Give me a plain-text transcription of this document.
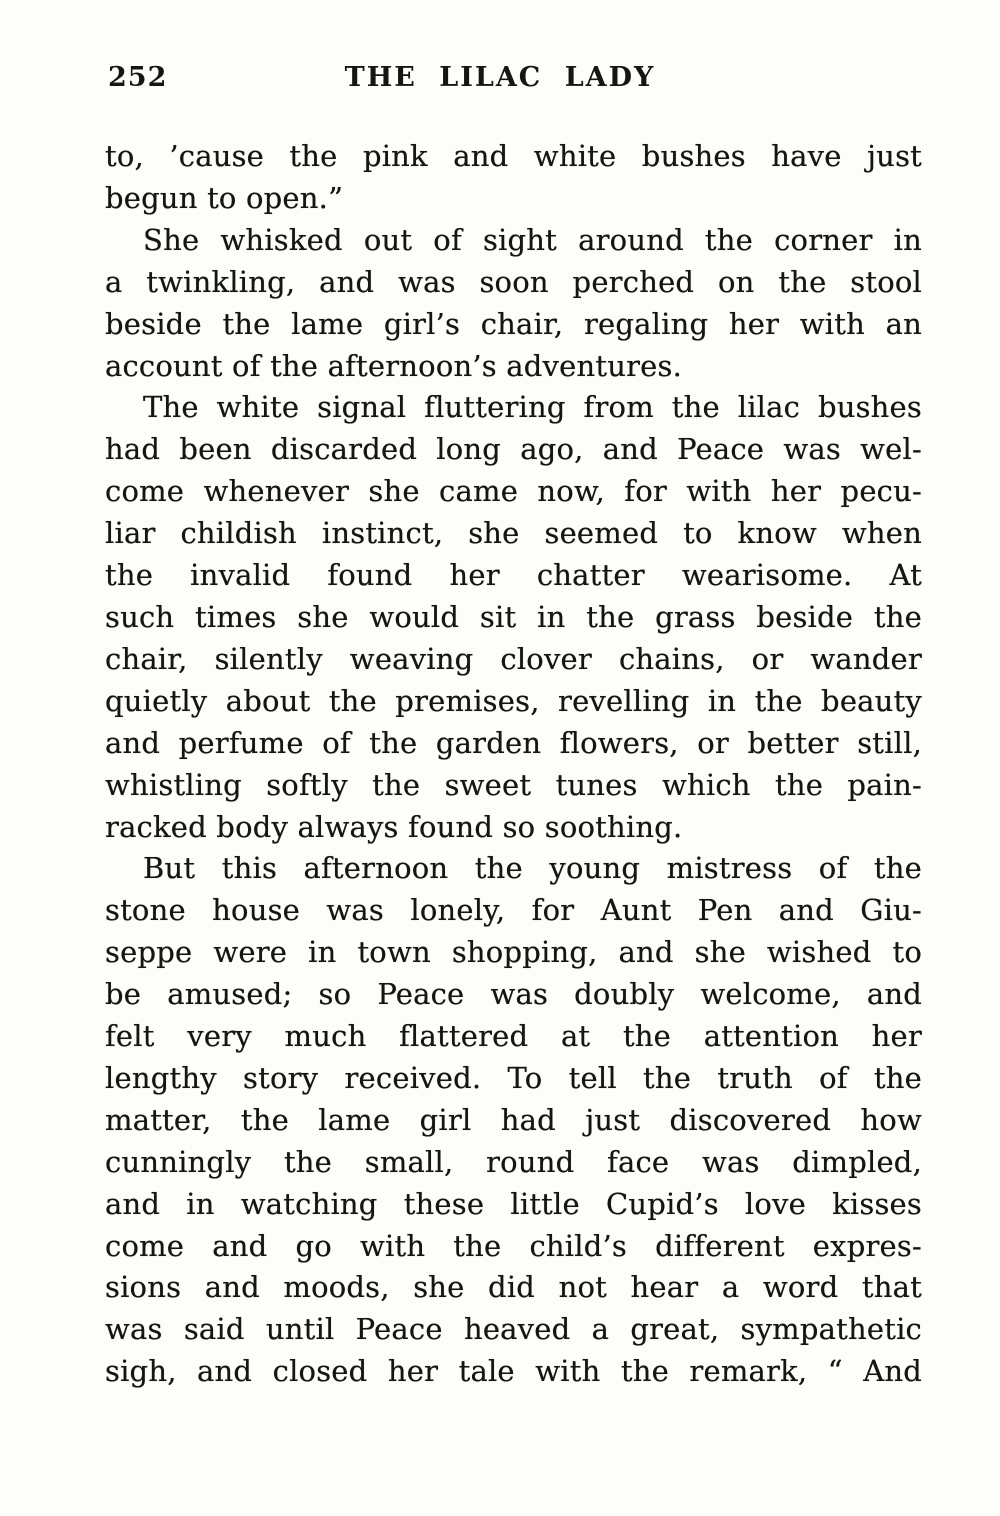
252	THE LILAC LADY
to, ’cause the pink and white bushes have just
begun to open.”
She whisked out of sight around the corner in
a twinkling, and was soon perched on the stool
beside the lame girl’s chair, regaling her with an
account of the afternoon’s adventures.
The white signal fluttering from the lilac bushes
had been discarded long ago, and Peace was wel-
come whenever she came now, for with her pecu-
liar childish instinct, she seemed to know when
the invalid found her chatter wearisome. At
such times she would sit in the grass beside the
chair, silently weaving clover chains, or wander
quietly about the premises, revelling in the beauty
and perfume of the garden flowers, or better still,
whistling softly the sweet tunes which the pain-
racked body always found so soothing.
But this afternoon the young mistress of the
stone house was lonely, for Aunt Pen and Giu-
seppe were in town shopping, and she wished to
be amused; so Peace was doubly welcome, and
felt very much flattered at the attention her
lengthy story received. To tell the truth of the
matter, the lame girl had just discovered how
cunningly the small, round face was dimpled,
and in watching these little Cupid’s love kisses
come and go with the child’s different expres-
sions and moods, she did not hear a word that
was said until Peace heaved a great, sympathetic
sigh, and closed her tale with the remark, “ And
